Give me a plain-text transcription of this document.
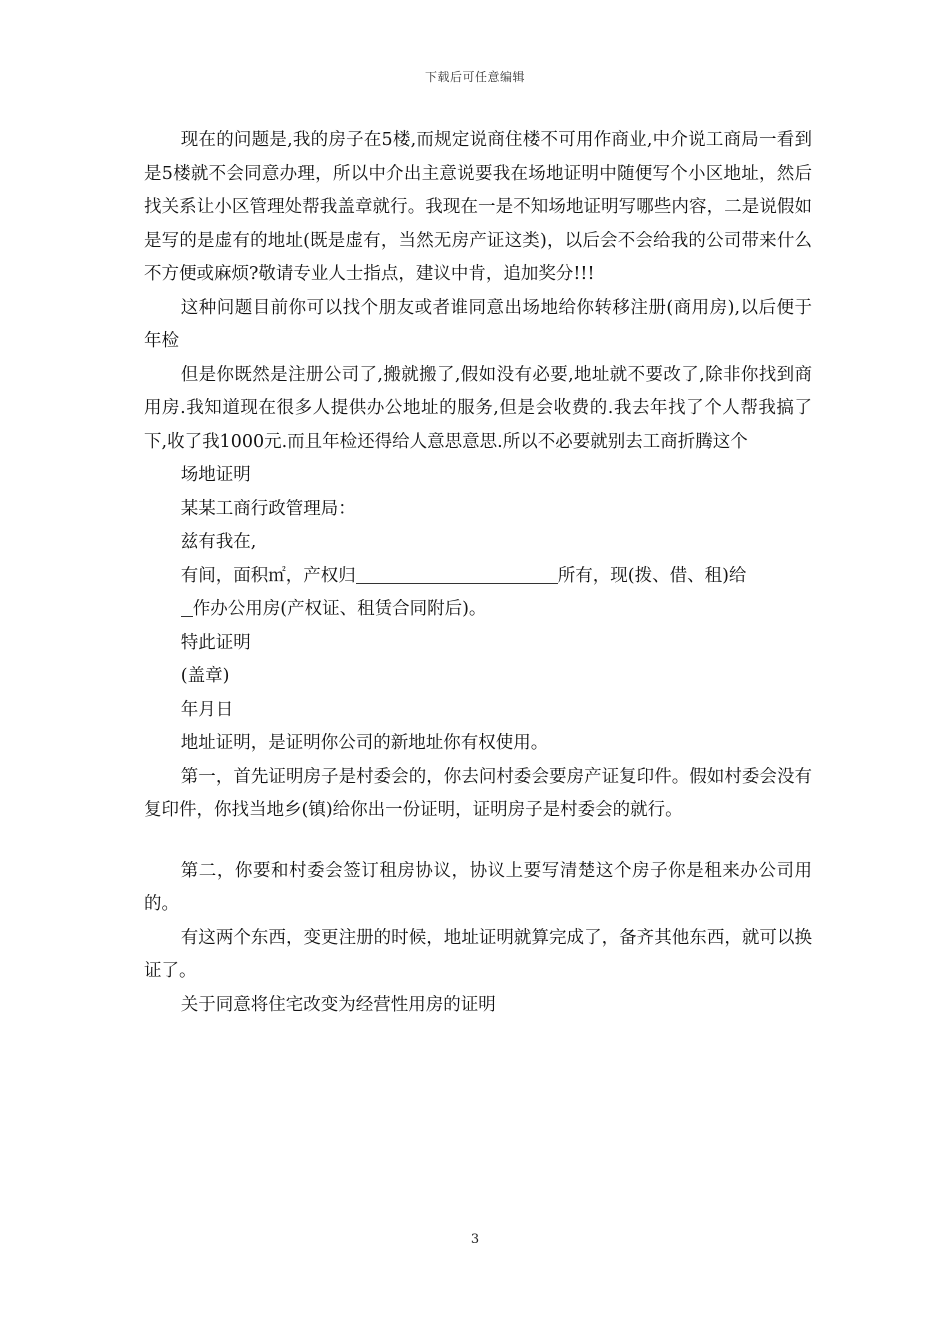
下载后可任意编辑

现在的问题是,我的房子在5楼,而规定说商住楼不可用作商业,中介说工商局一看到是5楼就不会同意办理，所以中介出主意说要我在场地证明中随便写个小区地址，然后找关系让小区管理处帮我盖章就行。我现在一是不知场地证明写哪些内容，二是说假如是写的是虚有的地址(既是虚有，当然无房产证这类)，以后会不会给我的公司带来什么不方便或麻烦?敬请专业人士指点，建议中肯，追加奖分!!!

这种问题目前你可以找个朋友或者谁同意出场地给你转移注册(商用房),以后便于年检

但是你既然是注册公司了,搬就搬了,假如没有必要,地址就不要改了,除非你找到商用房.我知道现在很多人提供办公地址的服务,但是会收费的.我去年找了个人帮我搞了下,收了我1000元.而且年检还得给人意思意思.所以不必要就别去工商折腾这个

场地证明

某某工商行政管理局：

兹有我在,

有间，面积㎡，产权归	所有，现(拨、借、租)给

作办公用房(产权证、租赁合同附后)。

特此证明

(盖章)

年月日

地址证明，是证明你公司的新地址你有权使用。

第一，首先证明房子是村委会的，你去问村委会要房产证复印件。假如村委会没有复印件，你找当地乡(镇)给你出一份证明，证明房子是村委会的就行。

第二，你要和村委会签订租房协议，协议上要写清楚这个房子你是租来办公司用的。

有这两个东西，变更注册的时候，地址证明就算完成了，备齐其他东西，就可以换证了。

关于同意将住宅改变为经营性用房的证明

3
